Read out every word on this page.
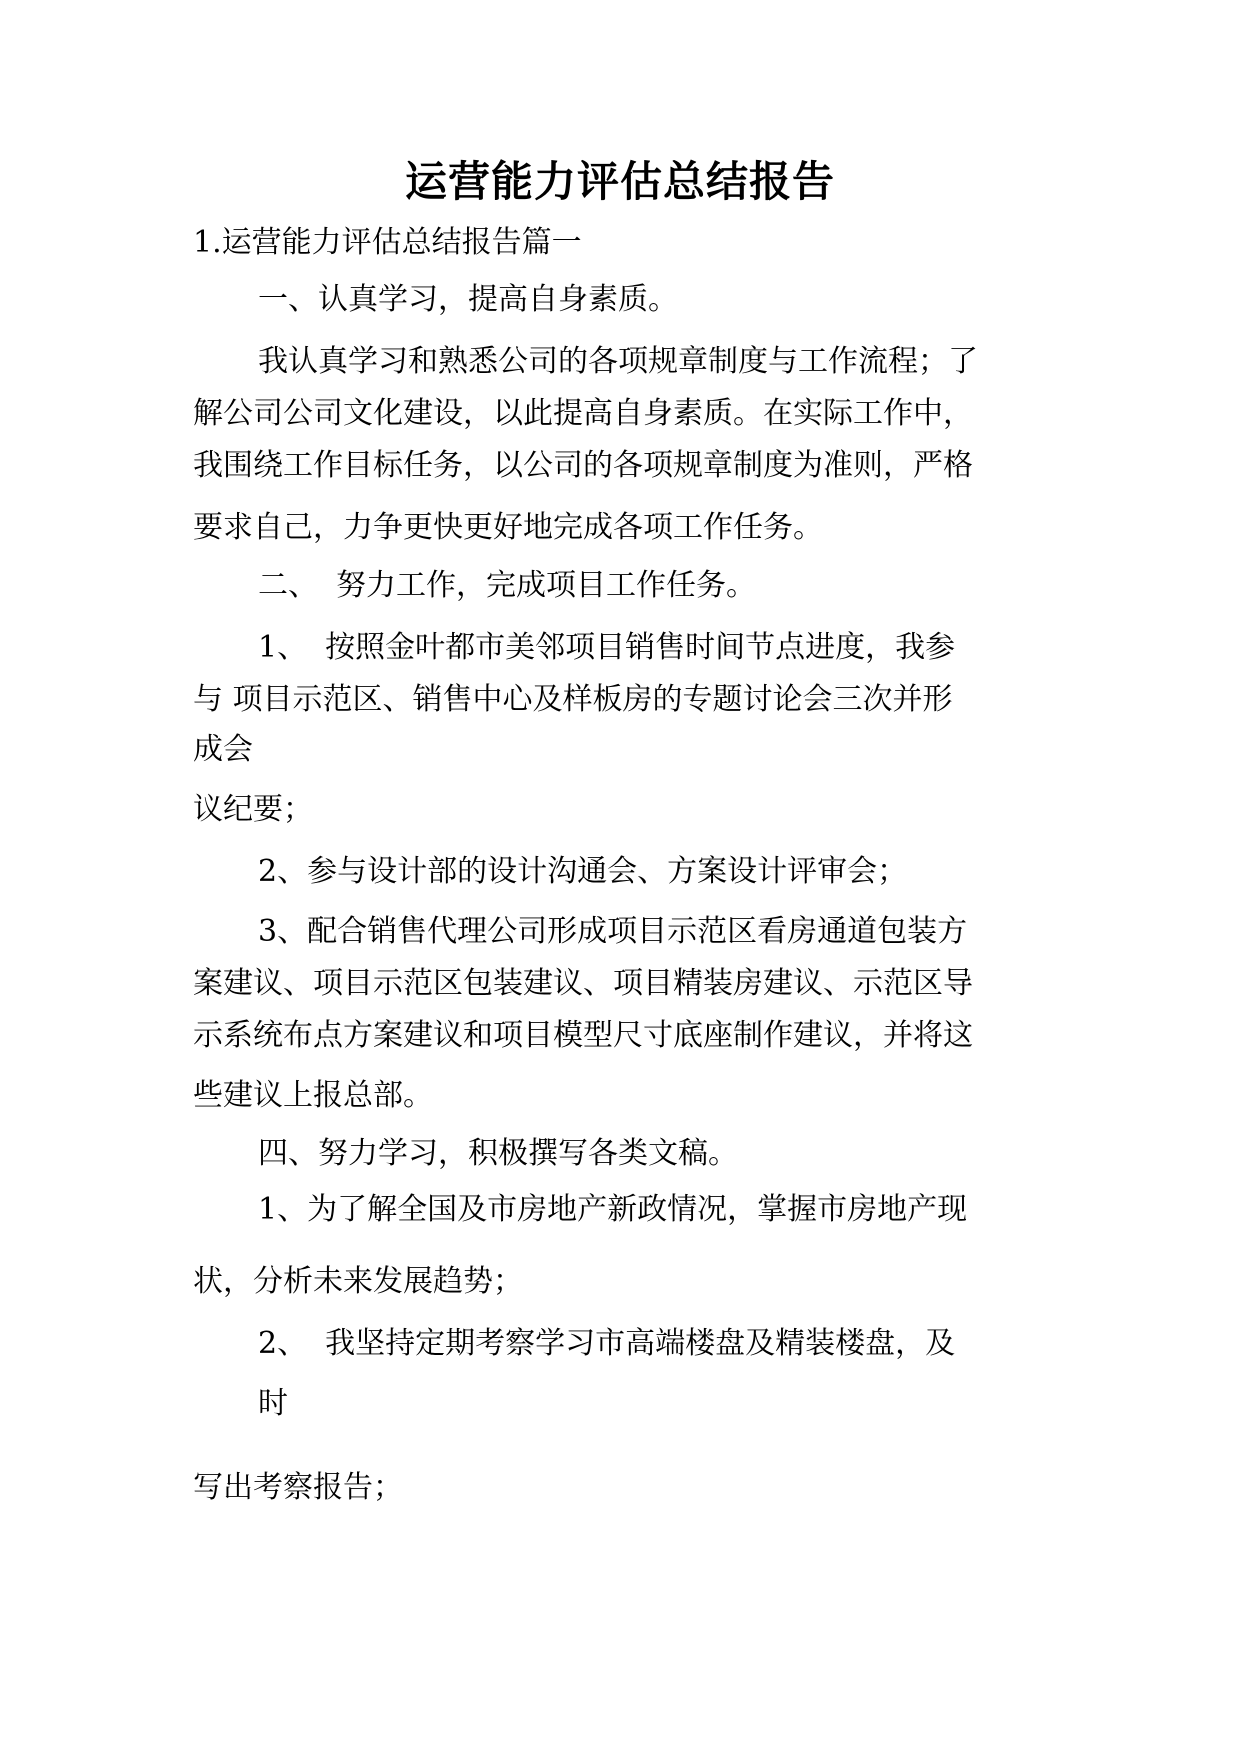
运营能力评估总结报告
1.运营能力评估总结报告篇一
一、认真学习，提高自身素质。
我认真学习和熟悉公司的各项规章制度与工作流程；了
解公司公司文化建设，以此提高自身素质。在实际工作中，
我围绕工作目标任务，以公司的各项规章制度为准则，严格
要求自己，力争更快更好地完成各项工作任务。
二、 努力工作，完成项目工作任务。
1、 按照金叶都市美邻项目销售时间节点进度，我参
与 项目示范区、销售中心及样板房的专题讨论会三次并形
成会
议纪要；
2、参与设计部的设计沟通会、方案设计评审会；
3、配合销售代理公司形成项目示范区看房通道包装方
案建议、项目示范区包装建议、项目精装房建议、示范区导
示系统布点方案建议和项目模型尺寸底座制作建议，并将这
些建议上报总部。
四、努力学习，积极撰写各类文稿。
1、为了解全国及市房地产新政情况，掌握市房地产现
状，分析未来发展趋势；
2、 我坚持定期考察学习市高端楼盘及精装楼盘，及
时
写出考察报告；
